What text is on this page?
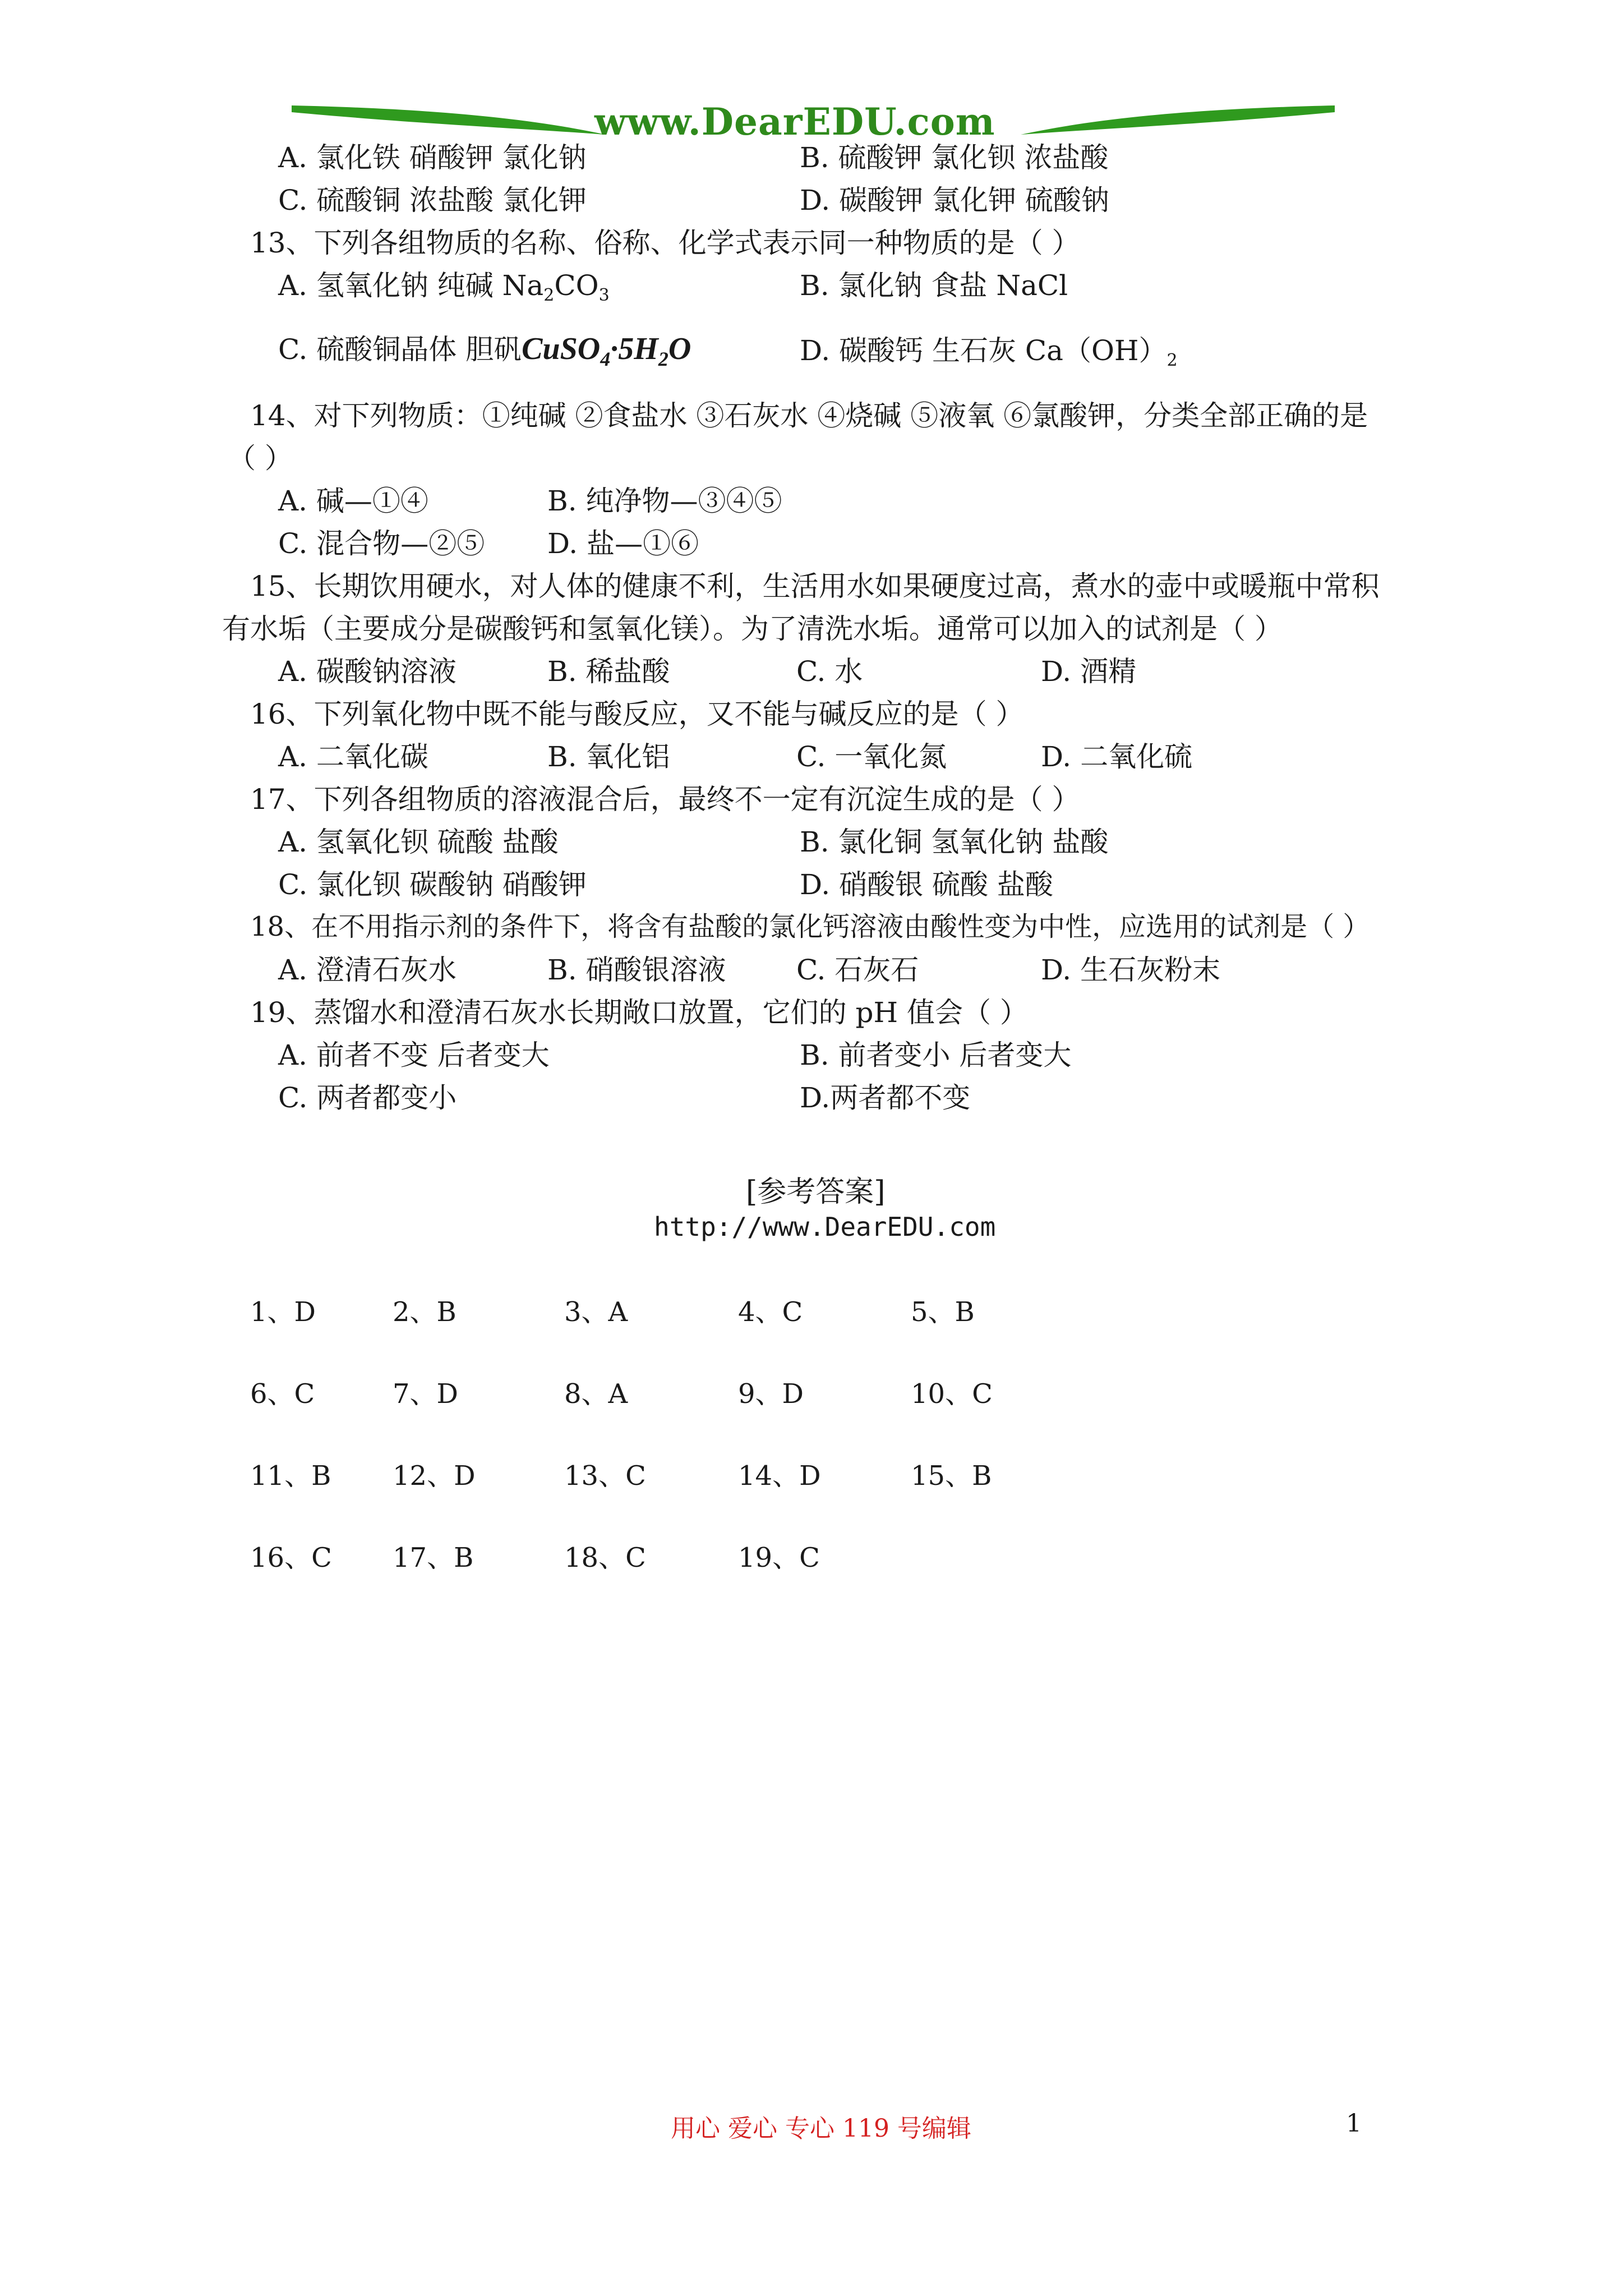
www.DearEDU.com
A. 氯化铁 硝酸钾 氯化钠	B. 硫酸钾 氯化钡 浓盐酸
C. 硫酸铜 浓盐酸 氯化钾	D. 碳酸钾 氯化钾 硫酸钠
13、下列各组物质的名称、俗称、化学式表示同一种物质的是（ ）
A. 氢氧化钠 纯碱 $Na_2CO_3$	B. 氯化钠 食盐 NaCl
C. 硫酸铜晶体 胆矾$CuSO_4\cdot 5H_2O$	D. 碳酸钙 生石灰 $Ca(OH)_2$
14、对下列物质：①纯碱 ②食盐水 ③石灰水 ④烧碱 ⑤液氧 ⑥氯酸钾，分类全部正确的是
（ ）
A. 碱—①④	B. 纯净物—③④⑤
C. 混合物—②⑤ D. 盐—①⑥
15、长期饮用硬水，对人体的健康不利，生活用水如果硬度过高，煮水的壶中或暖瓶中常积
有水垢（主要成分是碳酸钙和氢氧化镁）。为了清洗水垢。通常可以加入的试剂是（ ）
A. 碳酸钠溶液	B. 稀盐酸	C. 水	D. 酒精
16、下列氧化物中既不能与酸反应，又不能与碱反应的是（ ）
A. 二氧化碳	B. 氧化铝	C. 一氧化氮	D. 二氧化硫
17、下列各组物质的溶液混合后，最终不一定有沉淀生成的是（ ）
A. 氢氧化钡 硫酸 盐酸	B. 氯化铜 氢氧化钠 盐酸
C. 氯化钡 碳酸钠 硝酸钾	D. 硝酸银 硫酸 盐酸
18、在不用指示剂的条件下，将含有盐酸的氯化钙溶液由酸性变为中性，应选用的试剂是（ ）
A. 澄清石灰水	B. 硝酸银溶液	C. 石灰石	D. 生石灰粉末
19、蒸馏水和澄清石灰水长期敞口放置，它们的 pH 值会（ ）
A. 前者不变 后者变大	B. 前者变小 后者变大
C. 两者都变小	D.两者都不变
[参考答案]
http://www.DearEDU.com
1、D	2、B	3、A	4、C	5、B
6、C	7、D	8、A	9、D	10、C
11、B 12、D	13、C	14、D	15、B
16、C 17、B	18、C	19、C
用心 爱心 专心 119 号编辑	1
